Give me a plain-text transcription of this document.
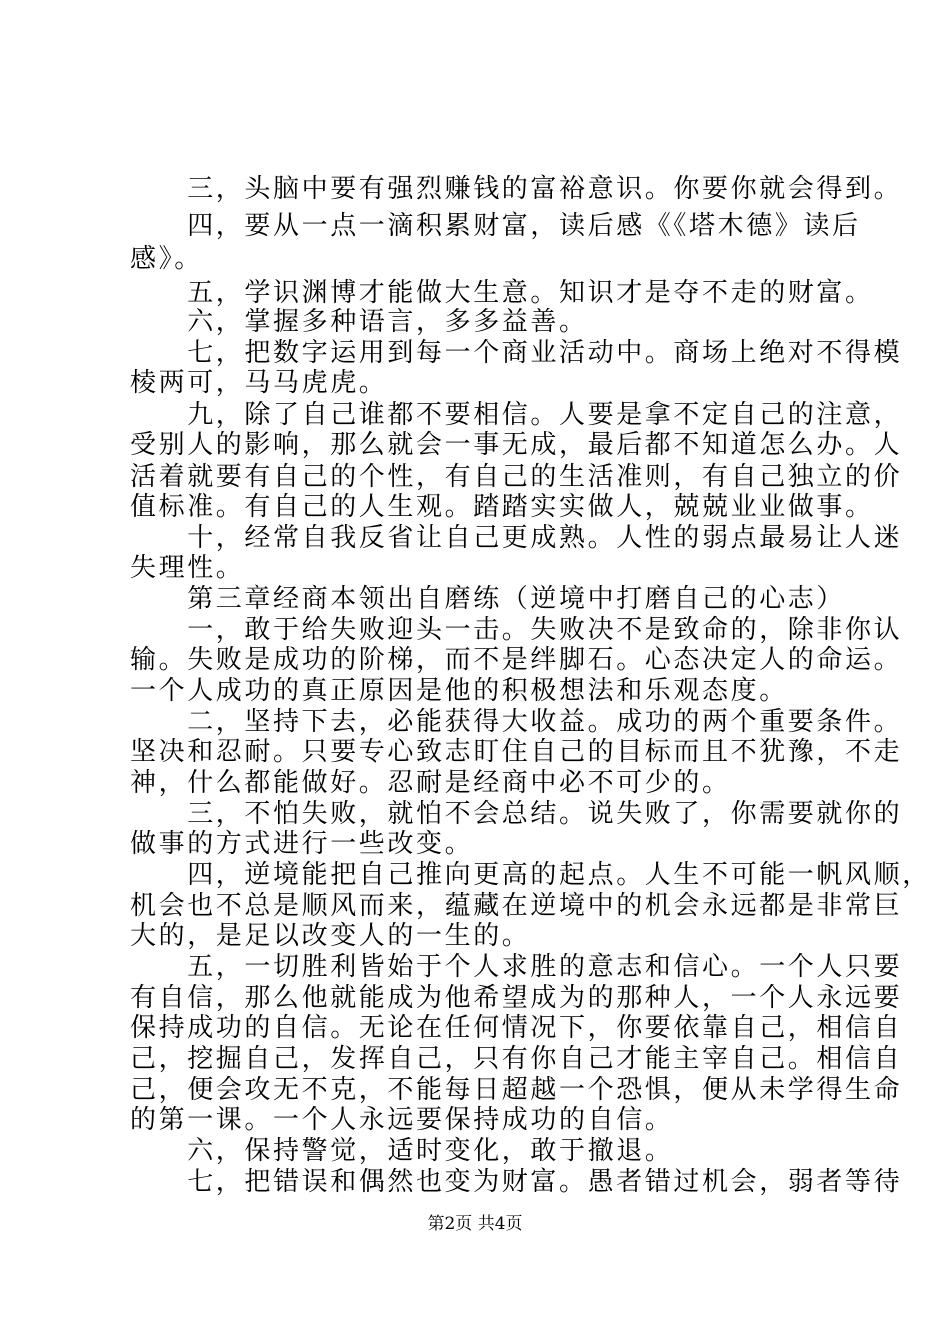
　　三，头脑中要有强烈赚钱的富裕意识。你要你就会得到。
　　四，要从一点一滴积累财富，读后感《《塔木德》读后
感》。
　　五，学识渊博才能做大生意。知识才是夺不走的财富。
　　六，掌握多种语言，多多益善。
　　七，把数字运用到每一个商业活动中。商场上绝对不得模
棱两可，马马虎虎。
　　九，除了自己谁都不要相信。人要是拿不定自己的注意，
受别人的影响，那么就会一事无成，最后都不知道怎么办。人
活着就要有自己的个性，有自己的生活准则，有自己独立的价
值标准。有自己的人生观。踏踏实实做人，兢兢业业做事。
　　十，经常自我反省让自己更成熟。人性的弱点最易让人迷
失理性。
　　第三章经商本领出自磨练（逆境中打磨自己的心志）
　　一，敢于给失败迎头一击。失败决不是致命的，除非你认
输。失败是成功的阶梯，而不是绊脚石。心态决定人的命运。
一个人成功的真正原因是他的积极想法和乐观态度。
　　二，坚持下去，必能获得大收益。成功的两个重要条件。
坚决和忍耐。只要专心致志盯住自己的目标而且不犹豫，不走
神，什么都能做好。忍耐是经商中必不可少的。
　　三，不怕失败，就怕不会总结。说失败了，你需要就你的
做事的方式进行一些改变。
　　四，逆境能把自己推向更高的起点。人生不可能一帆风顺，
机会也不总是顺风而来，蕴藏在逆境中的机会永远都是非常巨
大的，是足以改变人的一生的。
　　五，一切胜利皆始于个人求胜的意志和信心。一个人只要
有自信，那么他就能成为他希望成为的那种人，一个人永远要
保持成功的自信。无论在任何情况下，你要依靠自己，相信自
己，挖掘自己，发挥自己，只有你自己才能主宰自己。相信自
己，便会攻无不克，不能每日超越一个恐惧，便从未学得生命
的第一课。一个人永远要保持成功的自信。
　　六，保持警觉，适时变化，敢于撤退。
　　七，把错误和偶然也变为财富。愚者错过机会，弱者等待
第2页 共4页
